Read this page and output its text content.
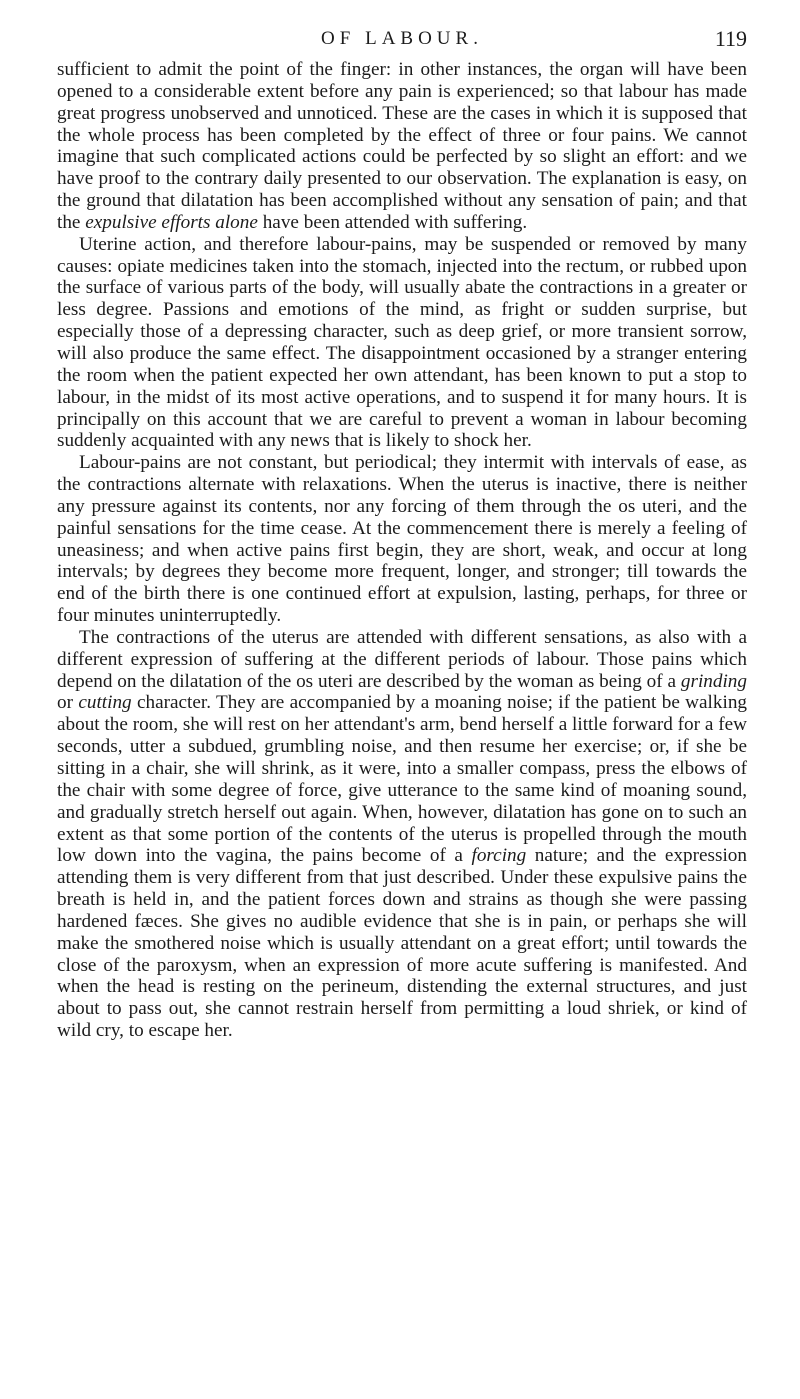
OF LABOUR.	119

sufficient to admit the point of the finger: in other instances, the organ will have been opened to a considerable extent before any pain is experienced; so that labour has made great progress unobserved and unnoticed. These are the cases in which it is supposed that the whole process has been completed by the effect of three or four pains. We cannot imagine that such complicated actions could be perfected by so slight an effort: and we have proof to the contrary daily presented to our observation. The explanation is easy, on the ground that dilatation has been accomplished without any sensation of pain; and that the expulsive efforts alone have been attended with suffering.

Uterine action, and therefore labour-pains, may be suspended or removed by many causes: opiate medicines taken into the stomach, injected into the rectum, or rubbed upon the surface of various parts of the body, will usually abate the contractions in a greater or less degree. Passions and emotions of the mind, as fright or sudden surprise, but especially those of a depressing character, such as deep grief, or more transient sorrow, will also produce the same effect. The disappointment occasioned by a stranger entering the room when the patient expected her own attendant, has been known to put a stop to labour, in the midst of its most active operations, and to suspend it for many hours. It is principally on this account that we are careful to prevent a woman in labour becoming suddenly acquainted with any news that is likely to shock her.

Labour-pains are not constant, but periodical; they intermit with intervals of ease, as the contractions alternate with relaxations. When the uterus is inactive, there is neither any pressure against its contents, nor any forcing of them through the os uteri, and the painful sensations for the time cease. At the commencement there is merely a feeling of uneasiness; and when active pains first begin, they are short, weak, and occur at long intervals; by degrees they become more frequent, longer, and stronger; till towards the end of the birth there is one continued effort at expulsion, lasting, perhaps, for three or four minutes uninterruptedly.

The contractions of the uterus are attended with different sensations, as also with a different expression of suffering at the different periods of labour. Those pains which depend on the dilatation of the os uteri are described by the woman as being of a grinding or cutting character. They are accompanied by a moaning noise; if the patient be walking about the room, she will rest on her attendant's arm, bend herself a little forward for a few seconds, utter a subdued, grumbling noise, and then resume her exercise; or, if she be sitting in a chair, she will shrink, as it were, into a smaller compass, press the elbows of the chair with some degree of force, give utterance to the same kind of moaning sound, and gradually stretch herself out again. When, however, dilatation has gone on to such an extent as that some portion of the contents of the uterus is propelled through the mouth low down into the vagina, the pains become of a forcing nature; and the expression attending them is very different from that just described. Under these expulsive pains the breath is held in, and the patient forces down and strains as though she were passing hardened fæces. She gives no audible evidence that she is in pain, or perhaps she will make the smothered noise which is usually attendant on a great effort; until towards the close of the paroxysm, when an expression of more acute suffering is manifested. And when the head is resting on the perineum, distending the external structures, and just about to pass out, she cannot restrain herself from permitting a loud shriek, or kind of wild cry, to escape her.
